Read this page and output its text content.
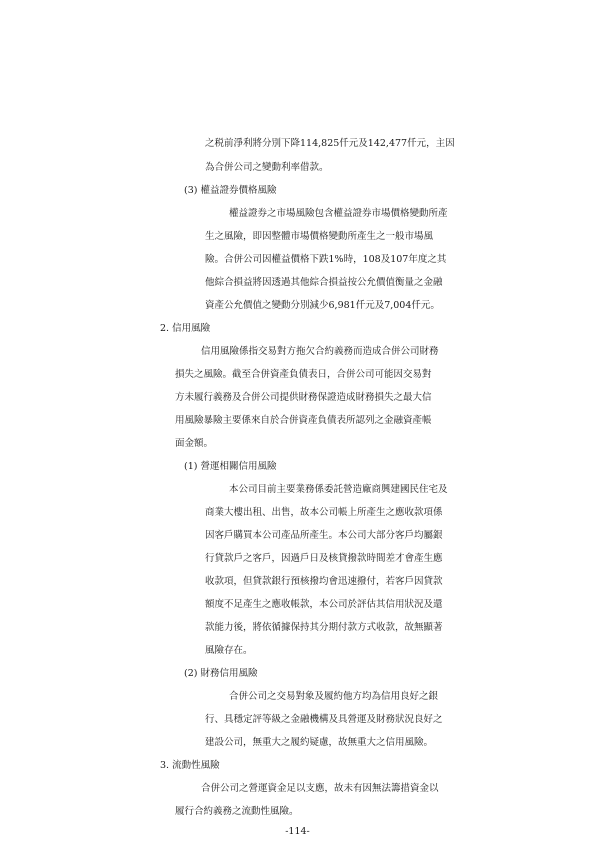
之税前淨利將分別下降114,825仟元及142,477仟元，主因
為合併公司之變動利率借款。
(3) 權益證券價格風險
權益證券之市場風險包含權益證券市場價格變動所產
生之風險，即因整體市場價格變動所產生之一般市場風
險。合併公司因權益價格下跌1%時，108及107年度之其
他綜合損益將因透過其他綜合損益按公允價值衡量之金融
資產公允價值之變動分別減少6,981仟元及7,004仟元。
2. 信用風險
信用風險係指交易對方拖欠合約義務而造成合併公司財務
損失之風險。截至合併資產負債表日，合併公司可能因交易對
方未履行義務及合併公司提供財務保證造成財務損失之最大信
用風險暴險主要係來自於合併資產負債表所認列之金融資產帳
面金額。
(1) 營運相關信用風險
本公司目前主要業務係委託營造廠商興建國民住宅及
商業大樓出租、出售，故本公司帳上所產生之應收款項係
因客戶購買本公司產品所產生。本公司大部分客戶均屬銀
行貸款戶之客戶，因過戶日及核貸撥款時間差才會產生應
收款項，但貸款銀行預核撥均會迅速撥付，若客戶因貸款
額度不足產生之應收帳款，本公司於評估其信用狀況及還
款能力後，將依循據保持其分期付款方式收款，故無顯著
風險存在。
(2) 財務信用風險
合併公司之交易對象及履約他方均為信用良好之銀
行、具穩定評等級之金融機構及具營運及財務狀況良好之
建設公司，無重大之履約疑慮，故無重大之信用風險。
3. 流動性風險
合併公司之營運資金足以支應，故未有因無法籌措資金以
履行合約義務之流動性風險。
-114-
